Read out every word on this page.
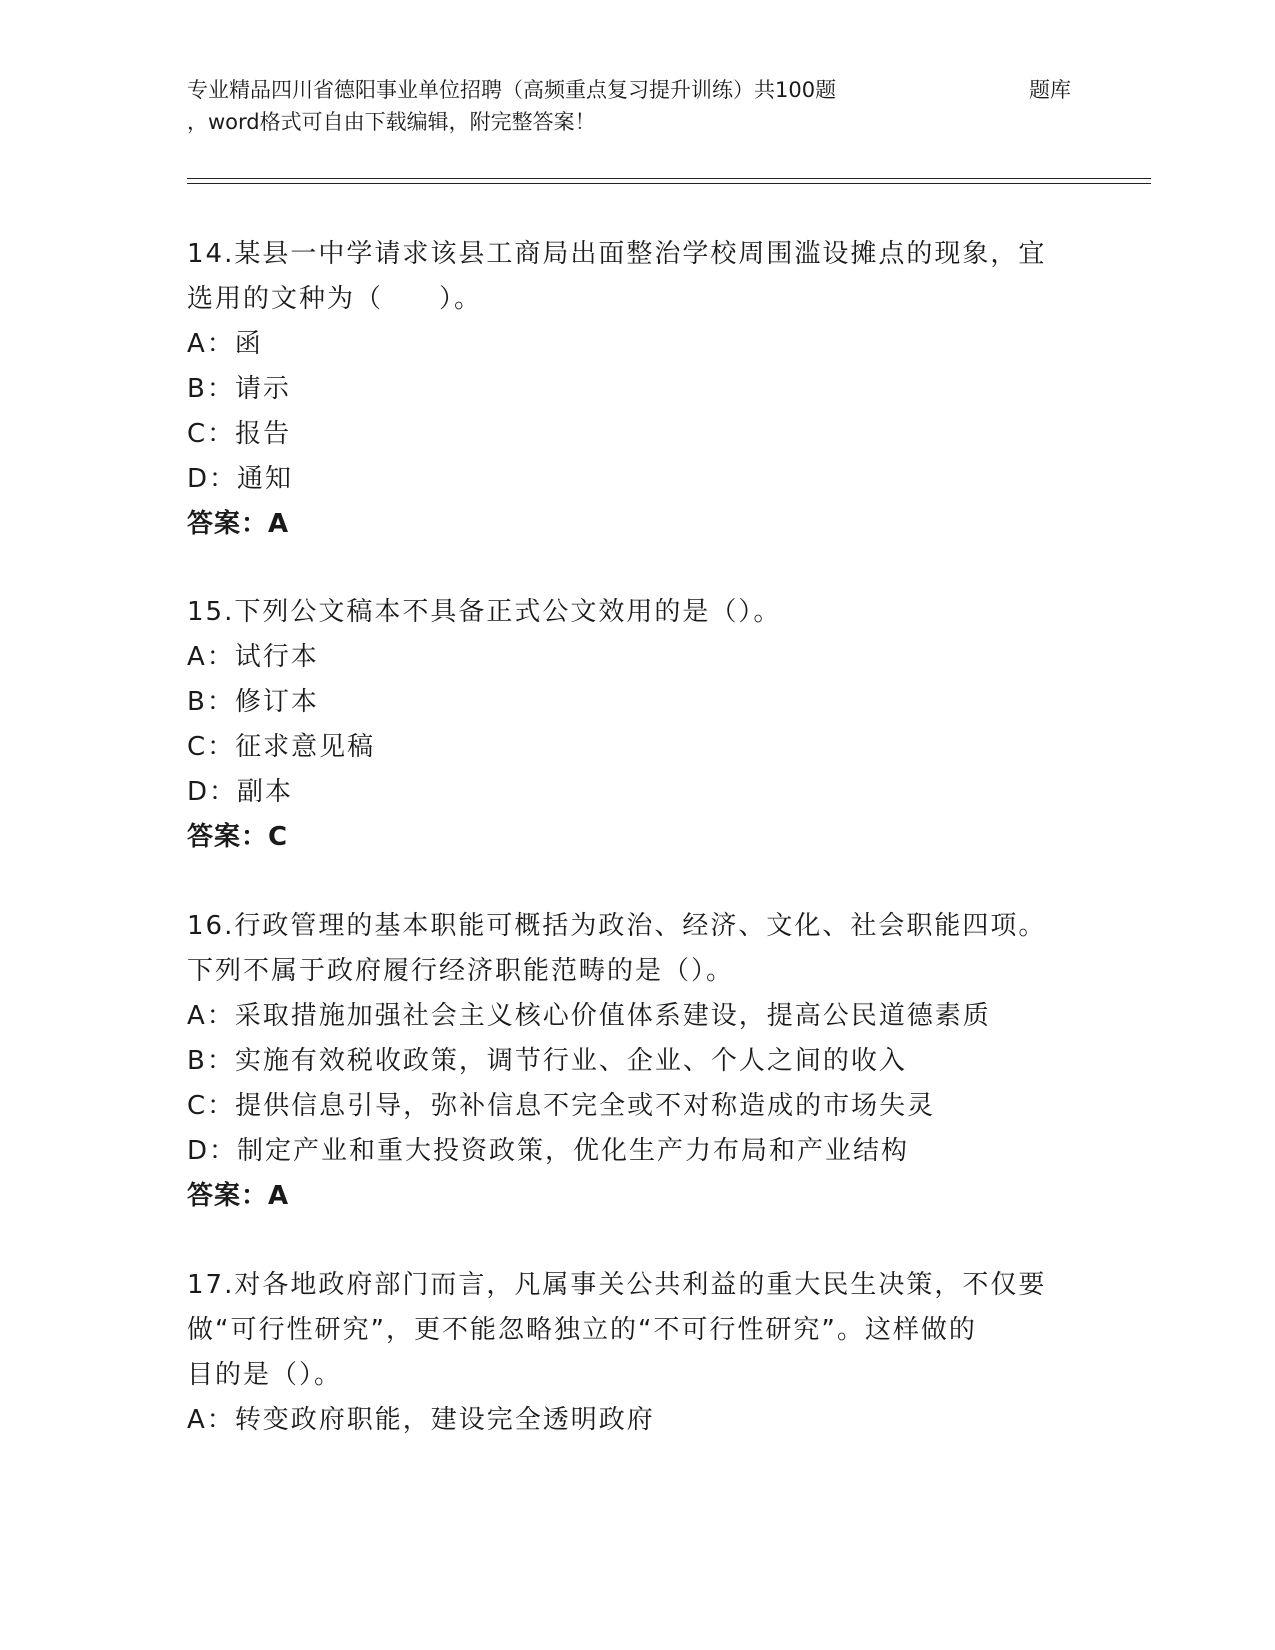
专业精品四川省德阳事业单位招聘（高频重点复习提升训练）共100题	题库
，word格式可自由下载编辑，附完整答案！
14.某县一中学请求该县工商局出面整治学校周围滥设摊点的现象，宜
选用的文种为（　　）。
A：函
B：请示
C：报告
D：通知
答案：A
15.下列公文稿本不具备正式公文效用的是（）。
A：试行本
B：修订本
C：征求意见稿
D：副本
答案：C
16.行政管理的基本职能可概括为政治、经济、文化、社会职能四项。
下列不属于政府履行经济职能范畴的是（）。
A：采取措施加强社会主义核心价值体系建设，提高公民道德素质
B：实施有效税收政策，调节行业、企业、个人之间的收入
C：提供信息引导，弥补信息不完全或不对称造成的市场失灵
D：制定产业和重大投资政策，优化生产力布局和产业结构
答案：A
17.对各地政府部门而言，凡属事关公共利益的重大民生决策，不仅要
做“可行性研究”，更不能忽略独立的“不可行性研究”。这样做的
目的是（）。
A：转变政府职能，建设完全透明政府
